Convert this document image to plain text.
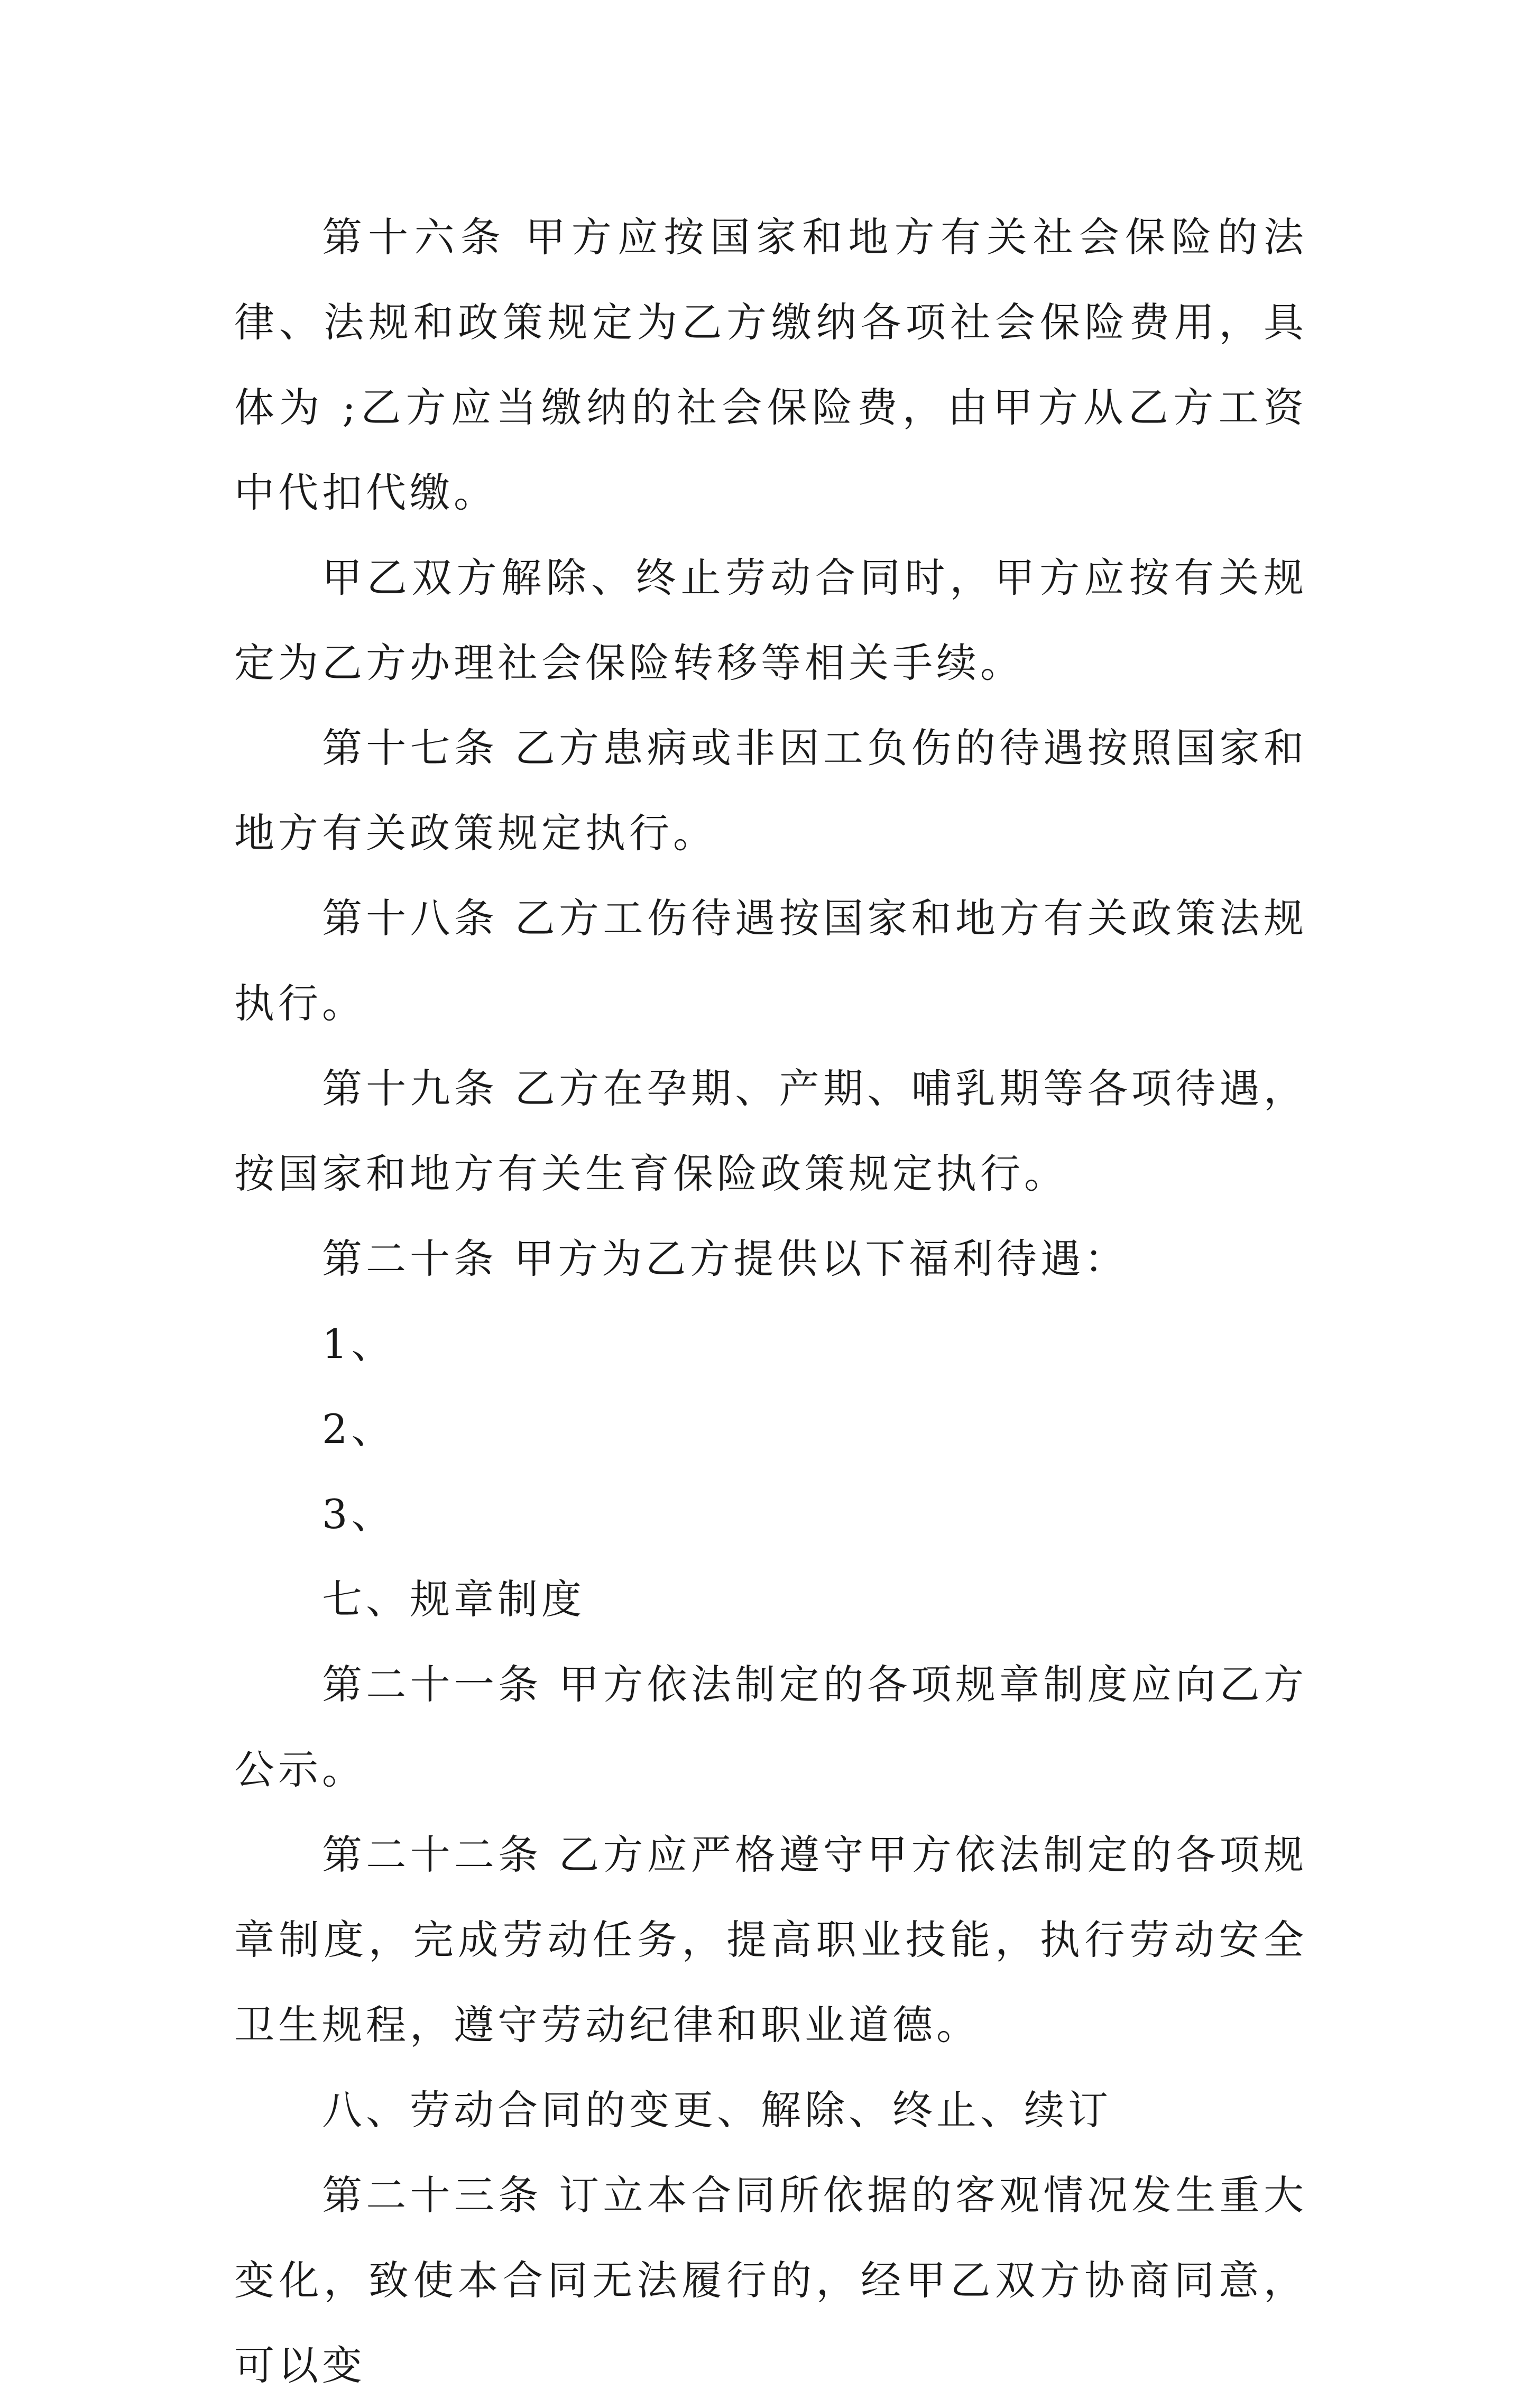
第十六条 甲方应按国家和地方有关社会保险的法律、法规和政策规定为乙方缴纳各项社会保险费用，具体为 ;乙方应当缴纳的社会保险费，由甲方从乙方工资中代扣代缴。

甲乙双方解除、终止劳动合同时，甲方应按有关规定为乙方办理社会保险转移等相关手续。

第十七条 乙方患病或非因工负伤的待遇按照国家和地方有关政策规定执行。

第十八条 乙方工伤待遇按国家和地方有关政策法规执行。

第十九条 乙方在孕期、产期、哺乳期等各项待遇，按国家和地方有关生育保险政策规定执行。

第二十条 甲方为乙方提供以下福利待遇：

1、

2、

3、

七、规章制度

第二十一条 甲方依法制定的各项规章制度应向乙方公示。

第二十二条 乙方应严格遵守甲方依法制定的各项规章制度，完成劳动任务，提高职业技能，执行劳动安全卫生规程，遵守劳动纪律和职业道德。

八、劳动合同的变更、解除、终止、续订

第二十三条 订立本合同所依据的客观情况发生重大变化，致使本合同无法履行的，经甲乙双方协商同意，可以变
